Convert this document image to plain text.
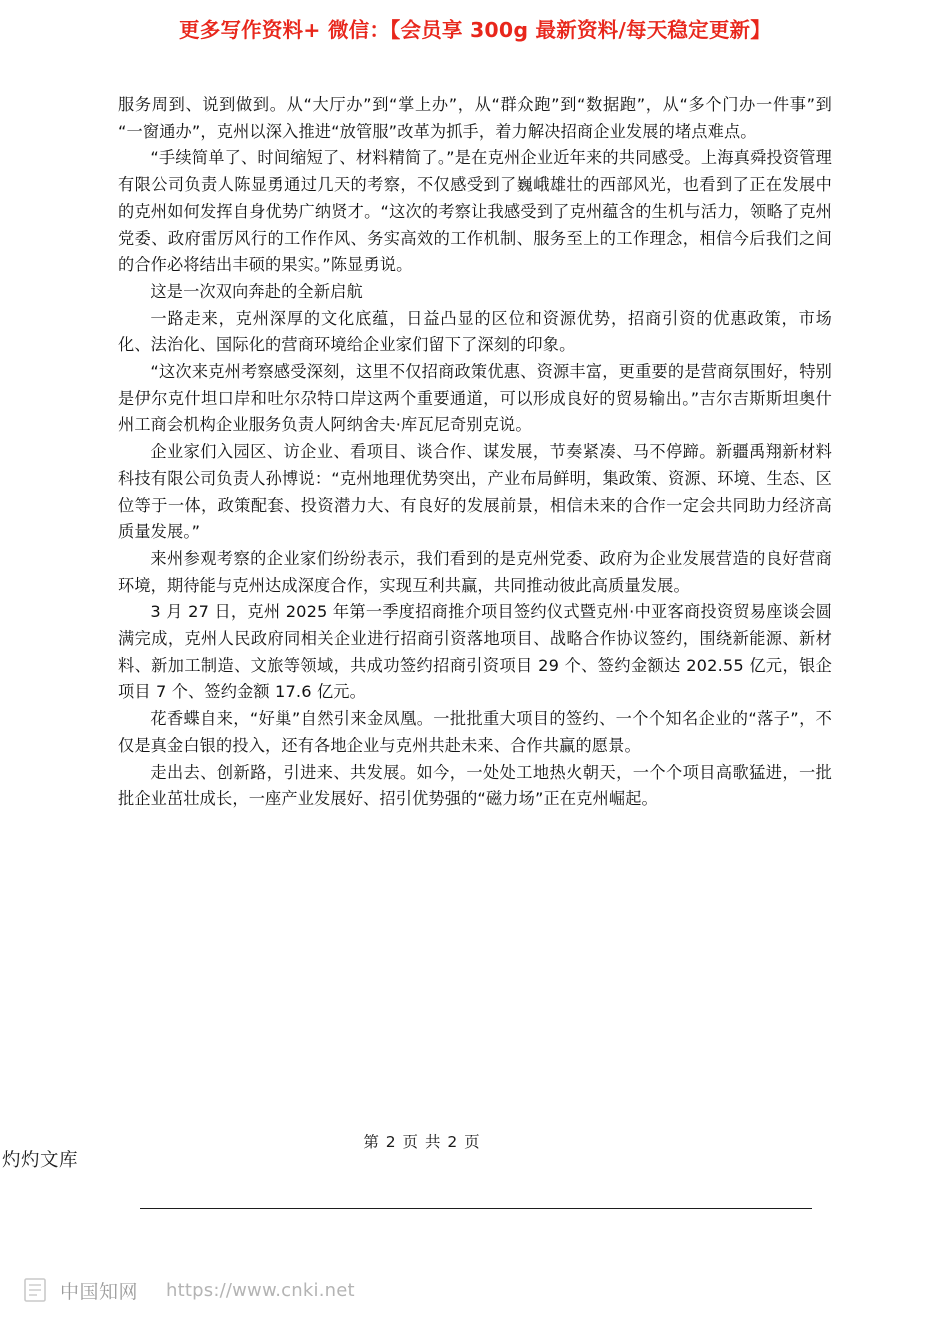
更多写作资料+ 微信：【会员享 300g 最新资料/每天稳定更新】

服务周到、说到做到。从“大厅办”到“掌上办”，从“群众跑”到“数据跑”，从“多个门办一件事”到“一窗通办”，克州以深入推进“放管服”改革为抓手，着力解决招商企业发展的堵点难点。

“手续简单了、时间缩短了、材料精简了。”是在克州企业近年来的共同感受。上海真舜投资管理有限公司负责人陈显勇通过几天的考察，不仅感受到了巍峨雄壮的西部风光，也看到了正在发展中的克州如何发挥自身优势广纳贤才。“这次的考察让我感受到了克州蕴含的生机与活力，领略了克州党委、政府雷厉风行的工作作风、务实高效的工作机制、服务至上的工作理念，相信今后我们之间的合作必将结出丰硕的果实。”陈显勇说。

这是一次双向奔赴的全新启航

一路走来，克州深厚的文化底蕴，日益凸显的区位和资源优势，招商引资的优惠政策，市场化、法治化、国际化的营商环境给企业家们留下了深刻的印象。

“这次来克州考察感受深刻，这里不仅招商政策优惠、资源丰富，更重要的是营商氛围好，特别是伊尔克什坦口岸和吐尔尕特口岸这两个重要通道，可以形成良好的贸易输出。”吉尔吉斯斯坦奥什州工商会机构企业服务负责人阿纳舍夫·库瓦尼奇别克说。

企业家们入园区、访企业、看项目、谈合作、谋发展，节奏紧凑、马不停蹄。新疆禹翔新材料科技有限公司负责人孙博说：“克州地理优势突出，产业布局鲜明，集政策、资源、环境、生态、区位等于一体，政策配套、投资潜力大、有良好的发展前景，相信未来的合作一定会共同助力经济高质量发展。”

来州参观考察的企业家们纷纷表示，我们看到的是克州党委、政府为企业发展营造的良好营商环境，期待能与克州达成深度合作，实现互利共赢，共同推动彼此高质量发展。

3 月 27 日，克州 2025 年第一季度招商推介项目签约仪式暨克州·中亚客商投资贸易座谈会圆满完成，克州人民政府同相关企业进行招商引资落地项目、战略合作协议签约，围绕新能源、新材料、新加工制造、文旅等领域，共成功签约招商引资项目 29 个、签约金额达 202.55 亿元，银企项目 7 个、签约金额 17.6 亿元。

花香蝶自来，“好巢”自然引来金凤凰。一批批重大项目的签约、一个个知名企业的“落子”，不仅是真金白银的投入，还有各地企业与克州共赴未来、合作共赢的愿景。

走出去、创新路，引进来、共发展。如今，一处处工地热火朝天，一个个项目高歌猛进，一批批企业茁壮成长，一座产业发展好、招引优势强的“磁力场”正在克州崛起。

第 2 页 共 2 页
灼灼文库
中国知网 https://www.cnki.net
